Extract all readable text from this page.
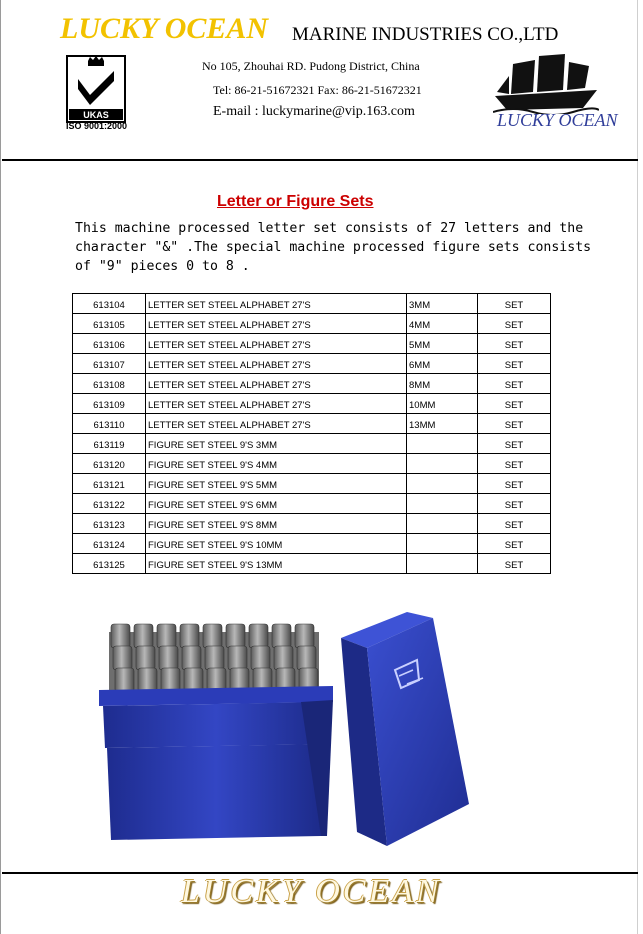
LUCKY OCEAN MARINE INDUSTRIES CO.,LTD
No 105, Zhouhai RD. Pudong District, China
Tel: 86-21-51672321 Fax: 86-21-51672321
E-mail : luckymarine@vip.163.com
UKAS
ISO 9001:2000	LUCKY OCEAN
Letter or Figure Sets
This machine processed letter set consists of 27 letters and the character "&" .The special machine processed figure sets consists of "9" pieces 0 to 8 .
613104	LETTER SET STEEL ALPHABET 27'S	3MM	SET
613105	LETTER SET STEEL ALPHABET 27'S	4MM	SET
613106	LETTER SET STEEL ALPHABET 27'S	5MM	SET
613107	LETTER SET STEEL ALPHABET 27'S	6MM	SET
613108	LETTER SET STEEL ALPHABET 27'S	8MM	SET
613109	LETTER SET STEEL ALPHABET 27'S	10MM	SET
613110	LETTER SET STEEL ALPHABET 27'S	13MM	SET
613119	FIGURE SET STEEL 9'S 3MM		SET
613120	FIGURE SET STEEL 9'S 4MM		SET
613121	FIGURE SET STEEL 9'S 5MM		SET
613122	FIGURE SET STEEL 9'S 6MM		SET
613123	FIGURE SET STEEL 9'S 8MM		SET
613124	FIGURE SET STEEL 9'S 10MM		SET
613125	FIGURE SET STEEL 9'S 13MM		SET
LUCKY OCEAN
